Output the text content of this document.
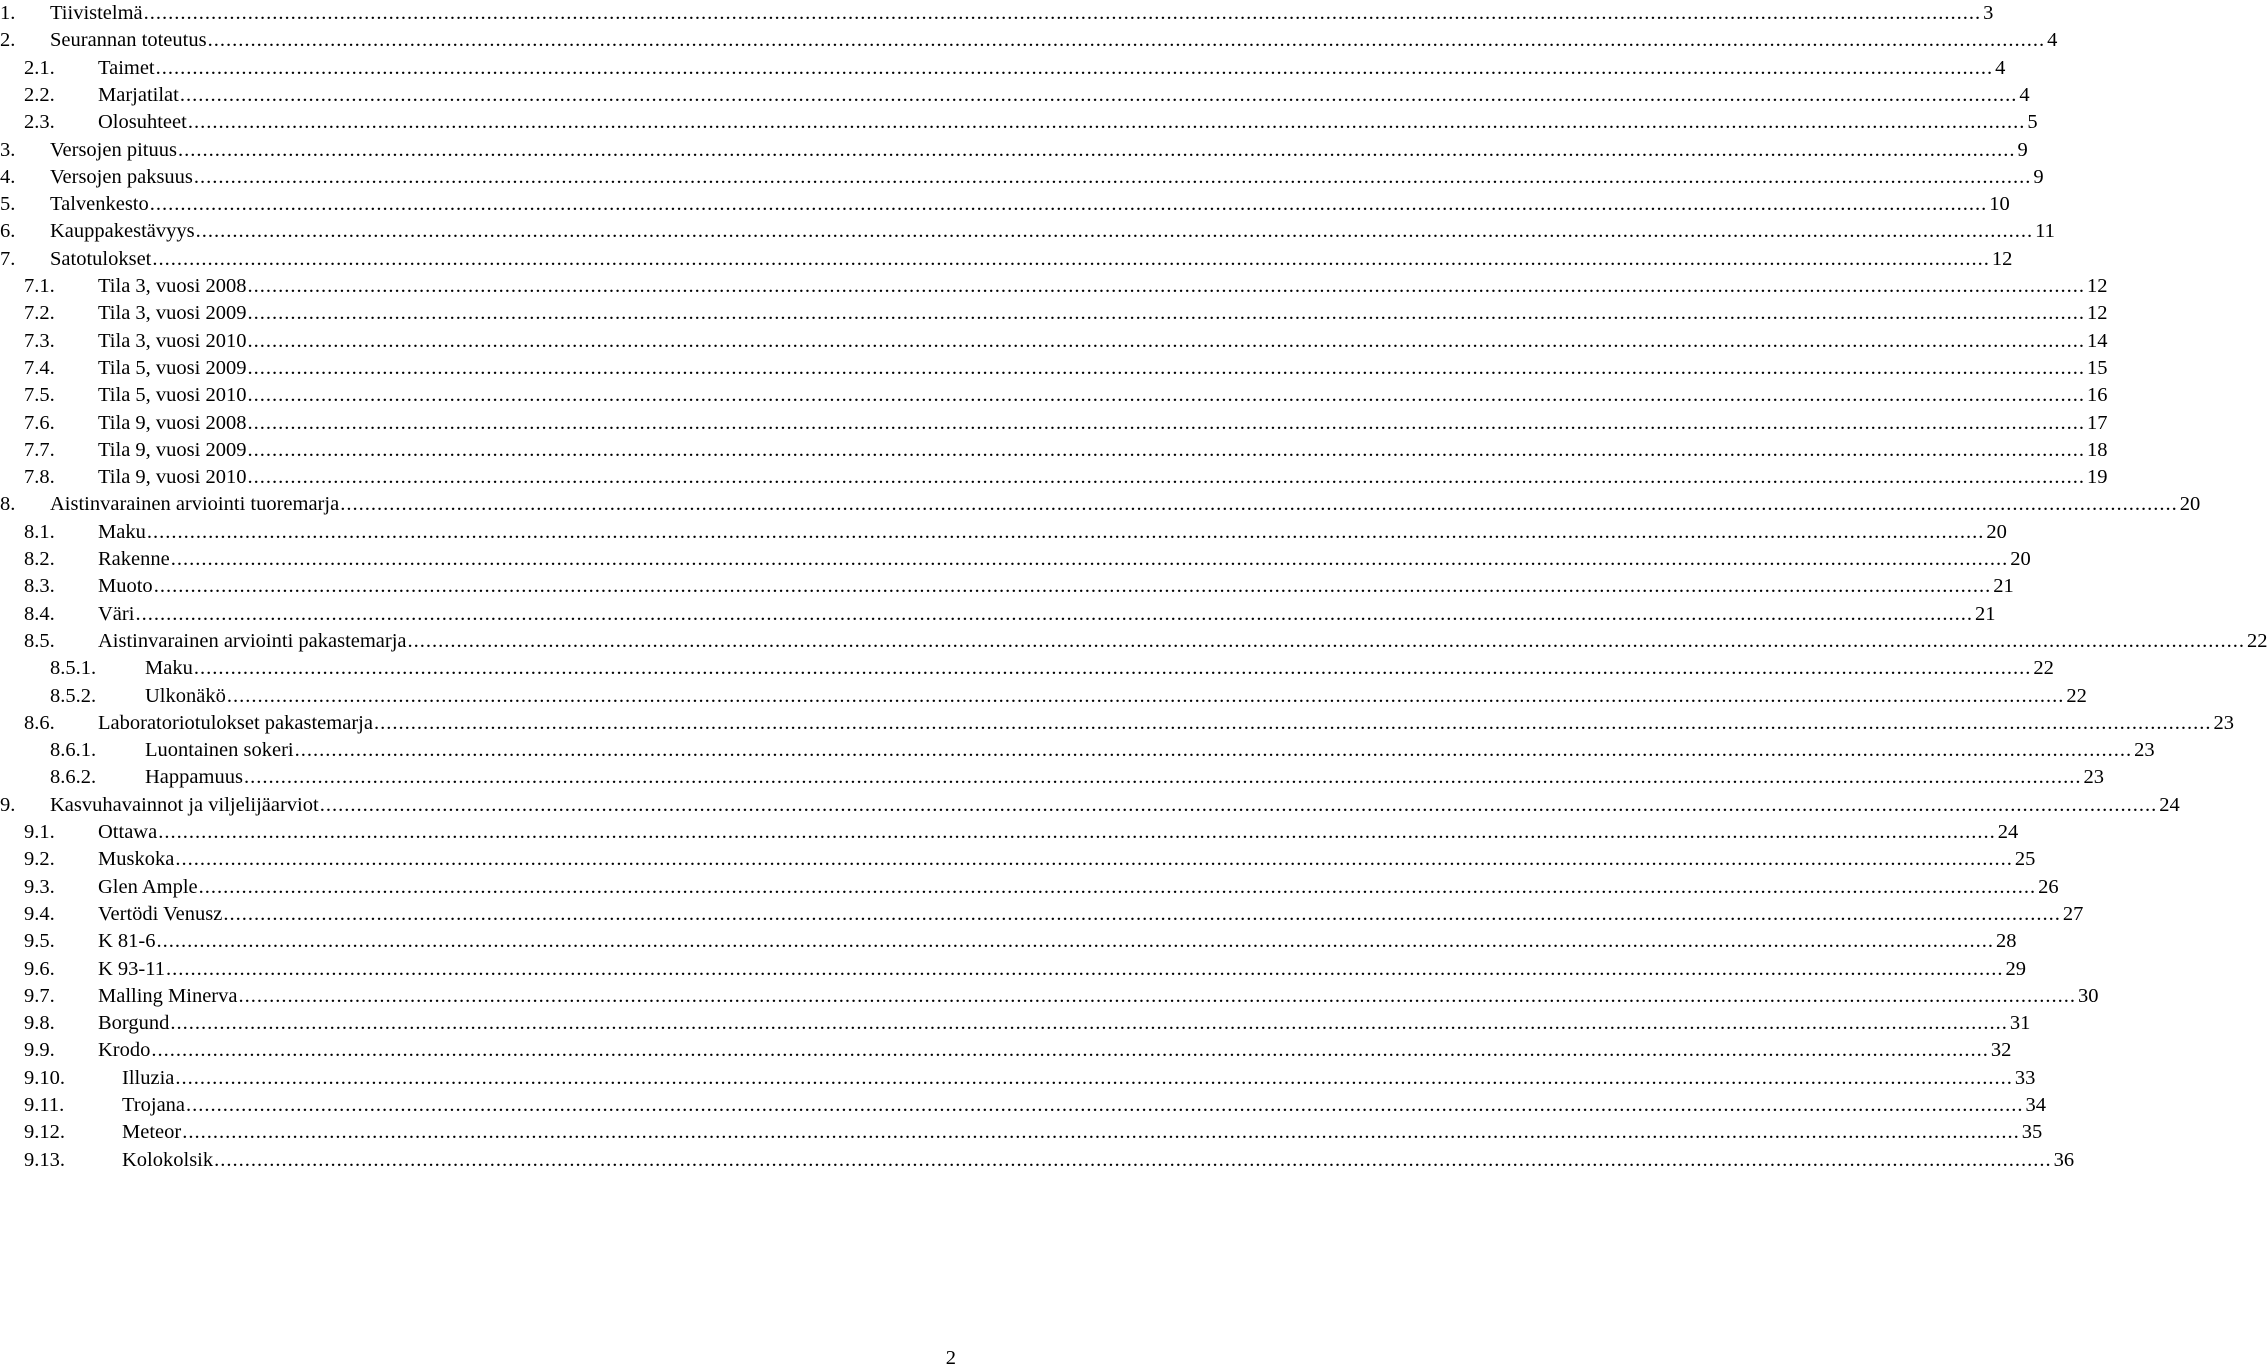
1.	Tiivistelmä ............................................................................................................................................................................................................................................................................................................ 3
2.	Seurannan toteutus ............................................................................................................................................................................................................................................................................................................ 4
2.1.	Taimet ............................................................................................................................................................................................................................................................................................................ 4
2.2.	Marjatilat ............................................................................................................................................................................................................................................................................................................ 4
2.3.	Olosuhteet ............................................................................................................................................................................................................................................................................................................ 5
3.	Versojen pituus ............................................................................................................................................................................................................................................................................................................ 9
4.	Versojen paksuus ............................................................................................................................................................................................................................................................................................................ 9
5.	Talvenkesto ............................................................................................................................................................................................................................................................................................................ 10
6.	Kauppakestävyys ............................................................................................................................................................................................................................................................................................................ 11
7.	Satotulokset ............................................................................................................................................................................................................................................................................................................ 12
7.1.	Tila 3, vuosi 2008 ............................................................................................................................................................................................................................................................................................................ 12
7.2.	Tila 3, vuosi 2009 ............................................................................................................................................................................................................................................................................................................ 12
7.3.	Tila 3, vuosi 2010 ............................................................................................................................................................................................................................................................................................................ 14
7.4.	Tila 5, vuosi 2009 ............................................................................................................................................................................................................................................................................................................ 15
7.5.	Tila 5, vuosi 2010 ............................................................................................................................................................................................................................................................................................................ 16
7.6.	Tila 9, vuosi 2008 ............................................................................................................................................................................................................................................................................................................ 17
7.7.	Tila 9, vuosi 2009 ............................................................................................................................................................................................................................................................................................................ 18
7.8.	Tila 9, vuosi 2010 ............................................................................................................................................................................................................................................................................................................ 19
8.	Aistinvarainen arviointi tuoremarja ............................................................................................................................................................................................................................................................................................................ 20
8.1.	Maku ............................................................................................................................................................................................................................................................................................................ 20
8.2.	Rakenne ............................................................................................................................................................................................................................................................................................................ 20
8.3.	Muoto ............................................................................................................................................................................................................................................................................................................ 21
8.4.	Väri ............................................................................................................................................................................................................................................................................................................ 21
8.5.	Aistinvarainen arviointi pakastemarja ............................................................................................................................................................................................................................................................................................................ 22
8.5.1.	Maku ............................................................................................................................................................................................................................................................................................................ 22
8.5.2.	Ulkonäkö ............................................................................................................................................................................................................................................................................................................ 22
8.6.	Laboratoriotulokset pakastemarja ............................................................................................................................................................................................................................................................................................................ 23
8.6.1.	Luontainen sokeri ............................................................................................................................................................................................................................................................................................................ 23
8.6.2.	Happamuus ............................................................................................................................................................................................................................................................................................................ 23
9.	Kasvuhavainnot ja viljelijäarviot ............................................................................................................................................................................................................................................................................................................ 24
9.1.	Ottawa ............................................................................................................................................................................................................................................................................................................ 24
9.2.	Muskoka ............................................................................................................................................................................................................................................................................................................ 25
9.3.	Glen Ample ............................................................................................................................................................................................................................................................................................................ 26
9.4.	Vertödi Venusz ............................................................................................................................................................................................................................................................................................................ 27
9.5.	K 81-6 ............................................................................................................................................................................................................................................................................................................ 28
9.6.	K 93-11 ............................................................................................................................................................................................................................................................................................................ 29
9.7.	Malling Minerva ............................................................................................................................................................................................................................................................................................................ 30
9.8.	Borgund ............................................................................................................................................................................................................................................................................................................ 31
9.9.	Krodo ............................................................................................................................................................................................................................................................................................................ 32
9.10.	Illuzia ............................................................................................................................................................................................................................................................................................................ 33
9.11.	Trojana ............................................................................................................................................................................................................................................................................................................ 34
9.12.	Meteor ............................................................................................................................................................................................................................................................................................................ 35
9.13.	Kolokolsik ............................................................................................................................................................................................................................................................................................................ 36
2
